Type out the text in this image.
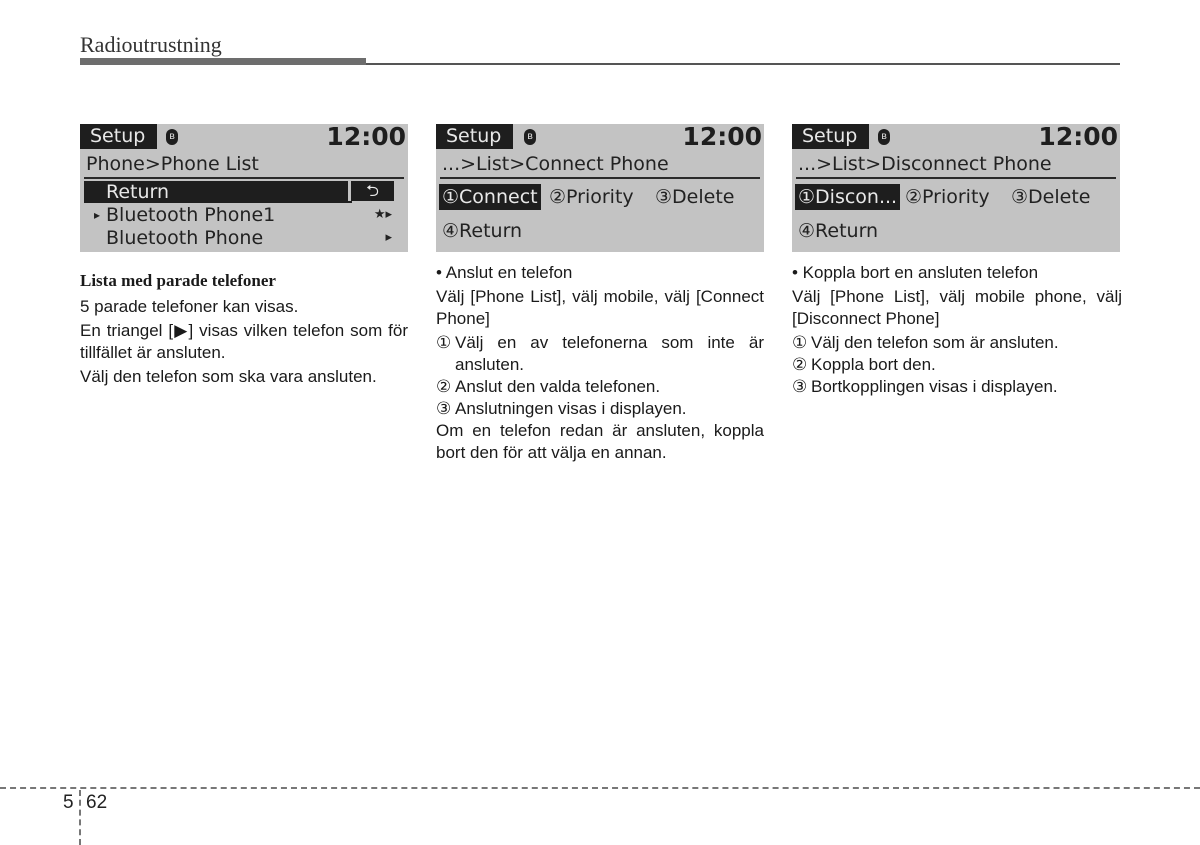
Radioutrustning
Setup	ʙ	12:00
Phone>Phone List
Return	⮌
▸ Bluetooth Phone1	★▸
Bluetooth Phone	▸
Setup	ʙ	12:00
...>List>Connect Phone
①Connect ②Priority ③Delete
④Return
Setup	ʙ	12:00
...>List>Disconnect Phone
①Discon... ②Priority ③Delete
④Return

Lista med parade telefoner

5 parade telefoner kan visas.

En triangel [▶] visas vilken telefon som för tillfället är ansluten.

Välj den telefon som ska vara ansluten.

• Anslut en telefon

Välj [Phone List], välj mobile, välj [Connect Phone]

① Välj en av telefonerna som inte är ansluten.
② Anslut den valda telefonen.
③ Anslutningen visas i displayen.

Om en telefon redan är ansluten, koppla bort den för att välja en annan.

• Koppla bort en ansluten telefon

Välj [Phone List], välj mobile phone, välj [Disconnect Phone]

① Välj den telefon som är ansluten.
② Koppla bort den.
③ Bortkopplingen visas i displayen.
5 62
